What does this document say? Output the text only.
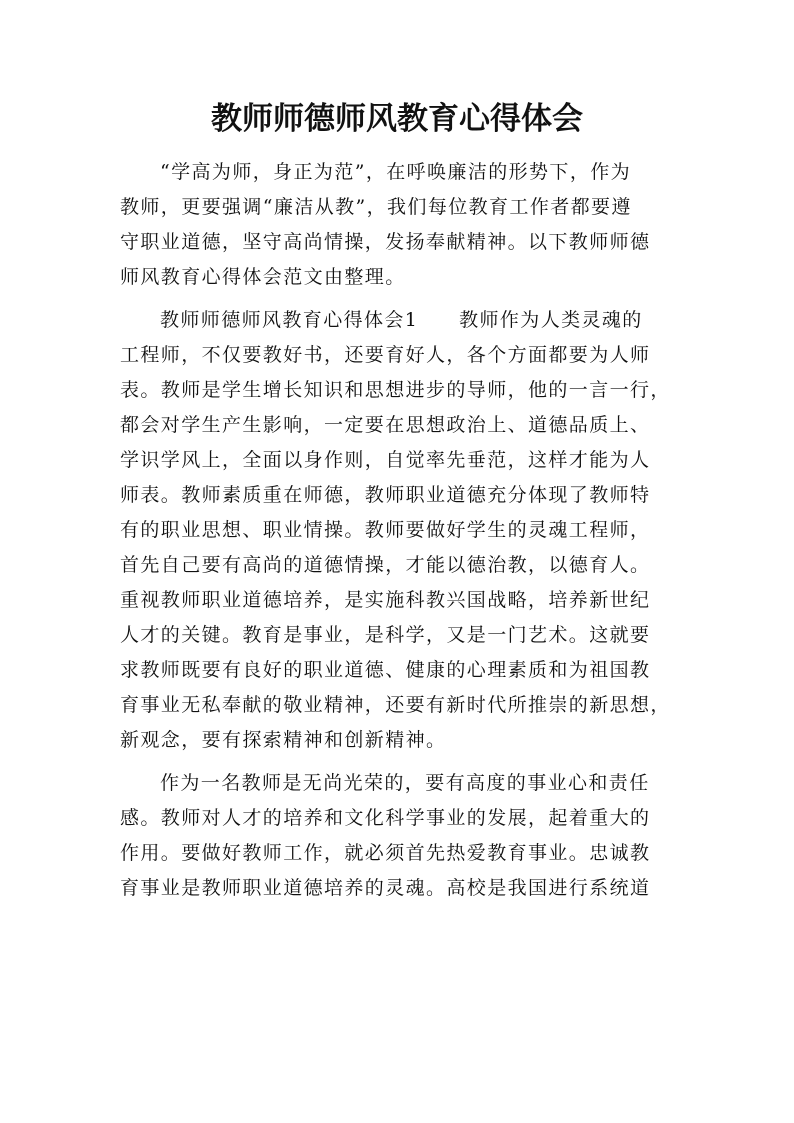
教师师德师风教育心得体会
“学高为师，身正为范”，在呼唤廉洁的形势下，作为
教师，更要强调“廉洁从教”，我们每位教育工作者都要遵
守职业道德，坚守高尚情操，发扬奉献精神。以下教师师德
师风教育心得体会范文由整理。
教师师德师风教育心得体会1　　教师作为人类灵魂的
工程师，不仅要教好书，还要育好人，各个方面都要为人师
表。教师是学生增长知识和思想进步的导师，他的一言一行，
都会对学生产生影响，一定要在思想政治上、道德品质上、
学识学风上，全面以身作则，自觉率先垂范，这样才能为人
师表。教师素质重在师德，教师职业道德充分体现了教师特
有的职业思想、职业情操。教师要做好学生的灵魂工程师，
首先自己要有高尚的道德情操，才能以德治教，以德育人。
重视教师职业道德培养，是实施科教兴国战略，培养新世纪
人才的关键。教育是事业，是科学，又是一门艺术。这就要
求教师既要有良好的职业道德、健康的心理素质和为祖国教
育事业无私奉献的敬业精神，还要有新时代所推崇的新思想，
新观念，要有探索精神和创新精神。
作为一名教师是无尚光荣的，要有高度的事业心和责任
感。教师对人才的培养和文化科学事业的发展，起着重大的
作用。要做好教师工作，就必须首先热爱教育事业。忠诚教
育事业是教师职业道德培养的灵魂。高校是我国进行系统道
